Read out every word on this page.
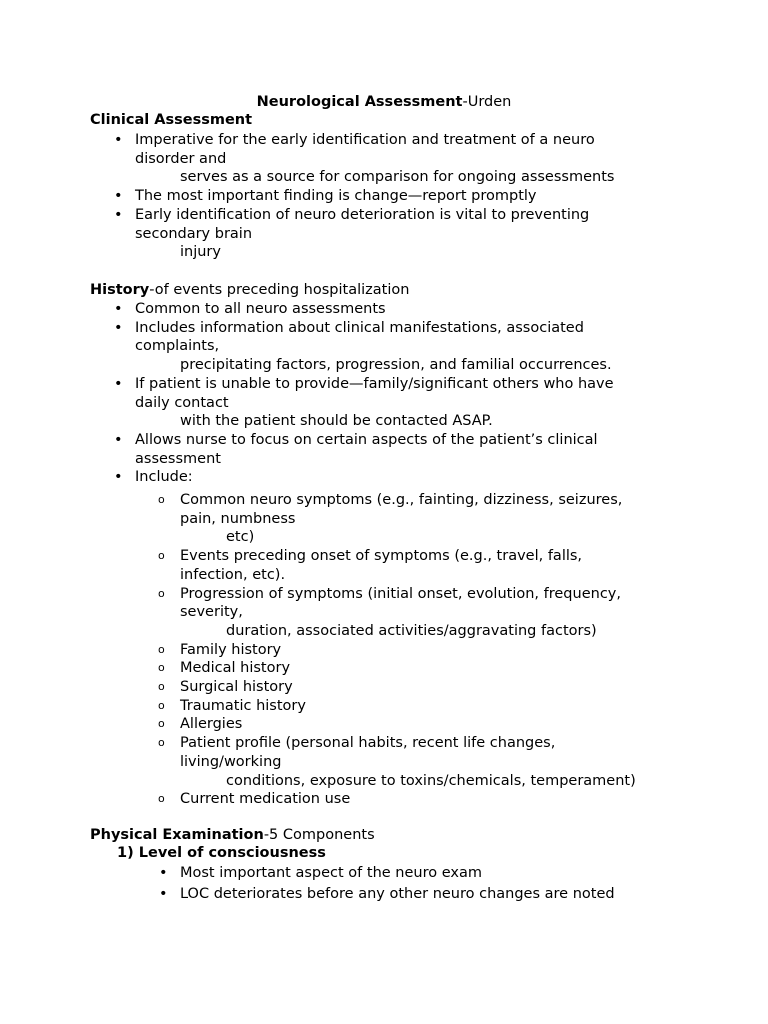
Neurological Assessment-Urden
Clinical Assessment
• Imperative for the early identification and treatment of a neuro disorder and
serves as a source for comparison for ongoing assessments
• The most important finding is change—report promptly
• Early identification of neuro deterioration is vital to preventing secondary brain
injury
History-of events preceding hospitalization
• Common to all neuro assessments
• Includes information about clinical manifestations, associated complaints,
precipitating factors, progression, and familial occurrences.
• If patient is unable to provide—family/significant others who have daily contact
with the patient should be contacted ASAP.
• Allows nurse to focus on certain aspects of the patient’s clinical assessment
• Include:
o Common neuro symptoms (e.g., fainting, dizziness, seizures, pain, numbness
etc)
o Events preceding onset of symptoms (e.g., travel, falls, infection, etc).
o Progression of symptoms (initial onset, evolution, frequency, severity,
duration, associated activities/aggravating factors)
o Family history
o Medical history
o Surgical history
o Traumatic history
o Allergies
o Patient profile (personal habits, recent life changes, living/working
conditions, exposure to toxins/chemicals, temperament)
o Current medication use
Physical Examination-5 Components
1) Level of consciousness
• Most important aspect of the neuro exam
• LOC deteriorates before any other neuro changes are noted
